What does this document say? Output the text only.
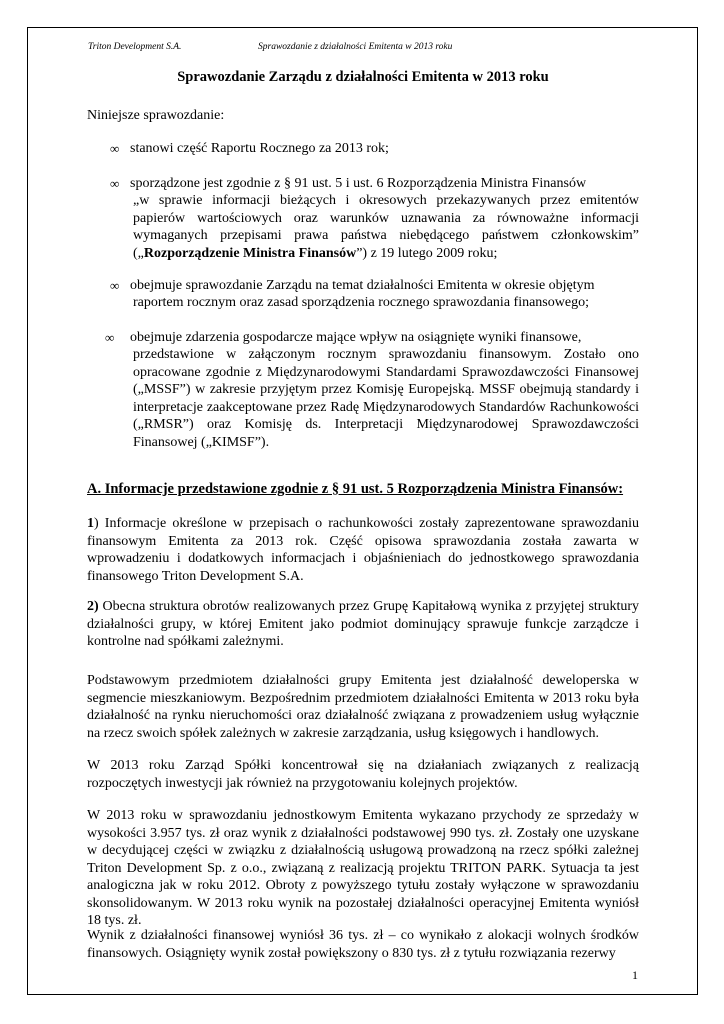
Triton Development S.A.	Sprawozdanie z działalności Emitenta w 2013 roku
Sprawozdanie Zarządu z działalności Emitenta w 2013 roku
Niniejsze sprawozdanie:
∞ stanowi część Raportu Rocznego za 2013 rok;
∞ sporządzone jest zgodnie z § 91 ust. 5 i ust. 6 Rozporządzenia Ministra Finansów
„w sprawie informacji bieżących i okresowych przekazywanych przez emitentów papierów wartościowych oraz warunków uznawania za równoważne informacji wymaganych przepisami prawa państwa niebędącego państwem członkowskim” („Rozporządzenie Ministra Finansów”) z 19 lutego 2009 roku;
∞ obejmuje sprawozdanie Zarządu na temat działalności Emitenta w okresie objętym
raportem rocznym oraz zasad sporządzenia rocznego sprawozdania finansowego;
∞ obejmuje zdarzenia gospodarcze mające wpływ na osiągnięte wyniki finansowe,
przedstawione w załączonym rocznym sprawozdaniu finansowym. Zostało ono opracowane zgodnie z Międzynarodowymi Standardami Sprawozdawczości Finansowej („MSSF”) w zakresie przyjętym przez Komisję Europejską. MSSF obejmują standardy i interpretacje zaakceptowane przez Radę Międzynarodowych Standardów Rachunkowości („RMSR”) oraz Komisję ds. Interpretacji Międzynarodowej Sprawozdawczości Finansowej („KIMSF”).
A. Informacje przedstawione zgodnie z § 91 ust. 5 Rozporządzenia Ministra Finansów:
1) Informacje określone w przepisach o rachunkowości zostały zaprezentowane sprawozdaniu finansowym Emitenta za 2013 rok. Część opisowa sprawozdania została zawarta w wprowadzeniu i dodatkowych informacjach i objaśnieniach do jednostkowego sprawozdania finansowego Triton Development S.A.
2) Obecna struktura obrotów realizowanych przez Grupę Kapitałową wynika z przyjętej struktury działalności grupy, w której Emitent jako podmiot dominujący sprawuje funkcje zarządcze i kontrolne nad spółkami zależnymi.
Podstawowym przedmiotem działalności grupy Emitenta jest działalność deweloperska w segmencie mieszkaniowym. Bezpośrednim przedmiotem działalności Emitenta w 2013 roku była działalność na rynku nieruchomości oraz działalność związana z prowadzeniem usług wyłącznie na rzecz swoich spółek zależnych w zakresie zarządzania, usług księgowych i handlowych.
W 2013 roku Zarząd Spółki koncentrował się na działaniach związanych z realizacją rozpoczętych inwestycji jak również na przygotowaniu kolejnych projektów.
W 2013 roku w sprawozdaniu jednostkowym Emitenta wykazano przychody ze sprzedaży w wysokości 3.957 tys. zł oraz wynik z działalności podstawowej 990 tys. zł. Zostały one uzyskane w decydującej części w związku z działalnością usługową prowadzoną na rzecz spółki zależnej Triton Development Sp. z o.o., związaną z realizacją projektu TRITON PARK. Sytuacja ta jest analogiczna jak w roku 2012. Obroty z powyższego tytułu zostały wyłączone w sprawozdaniu skonsolidowanym. W 2013 roku wynik na pozostałej działalności operacyjnej Emitenta wyniósł 18 tys. zł.
Wynik z działalności finansowej wyniósł 36 tys. zł – co wynikało z alokacji wolnych środków finansowych. Osiągnięty wynik został powiększony o 830 tys. zł z tytułu rozwiązania rezerwy
1
